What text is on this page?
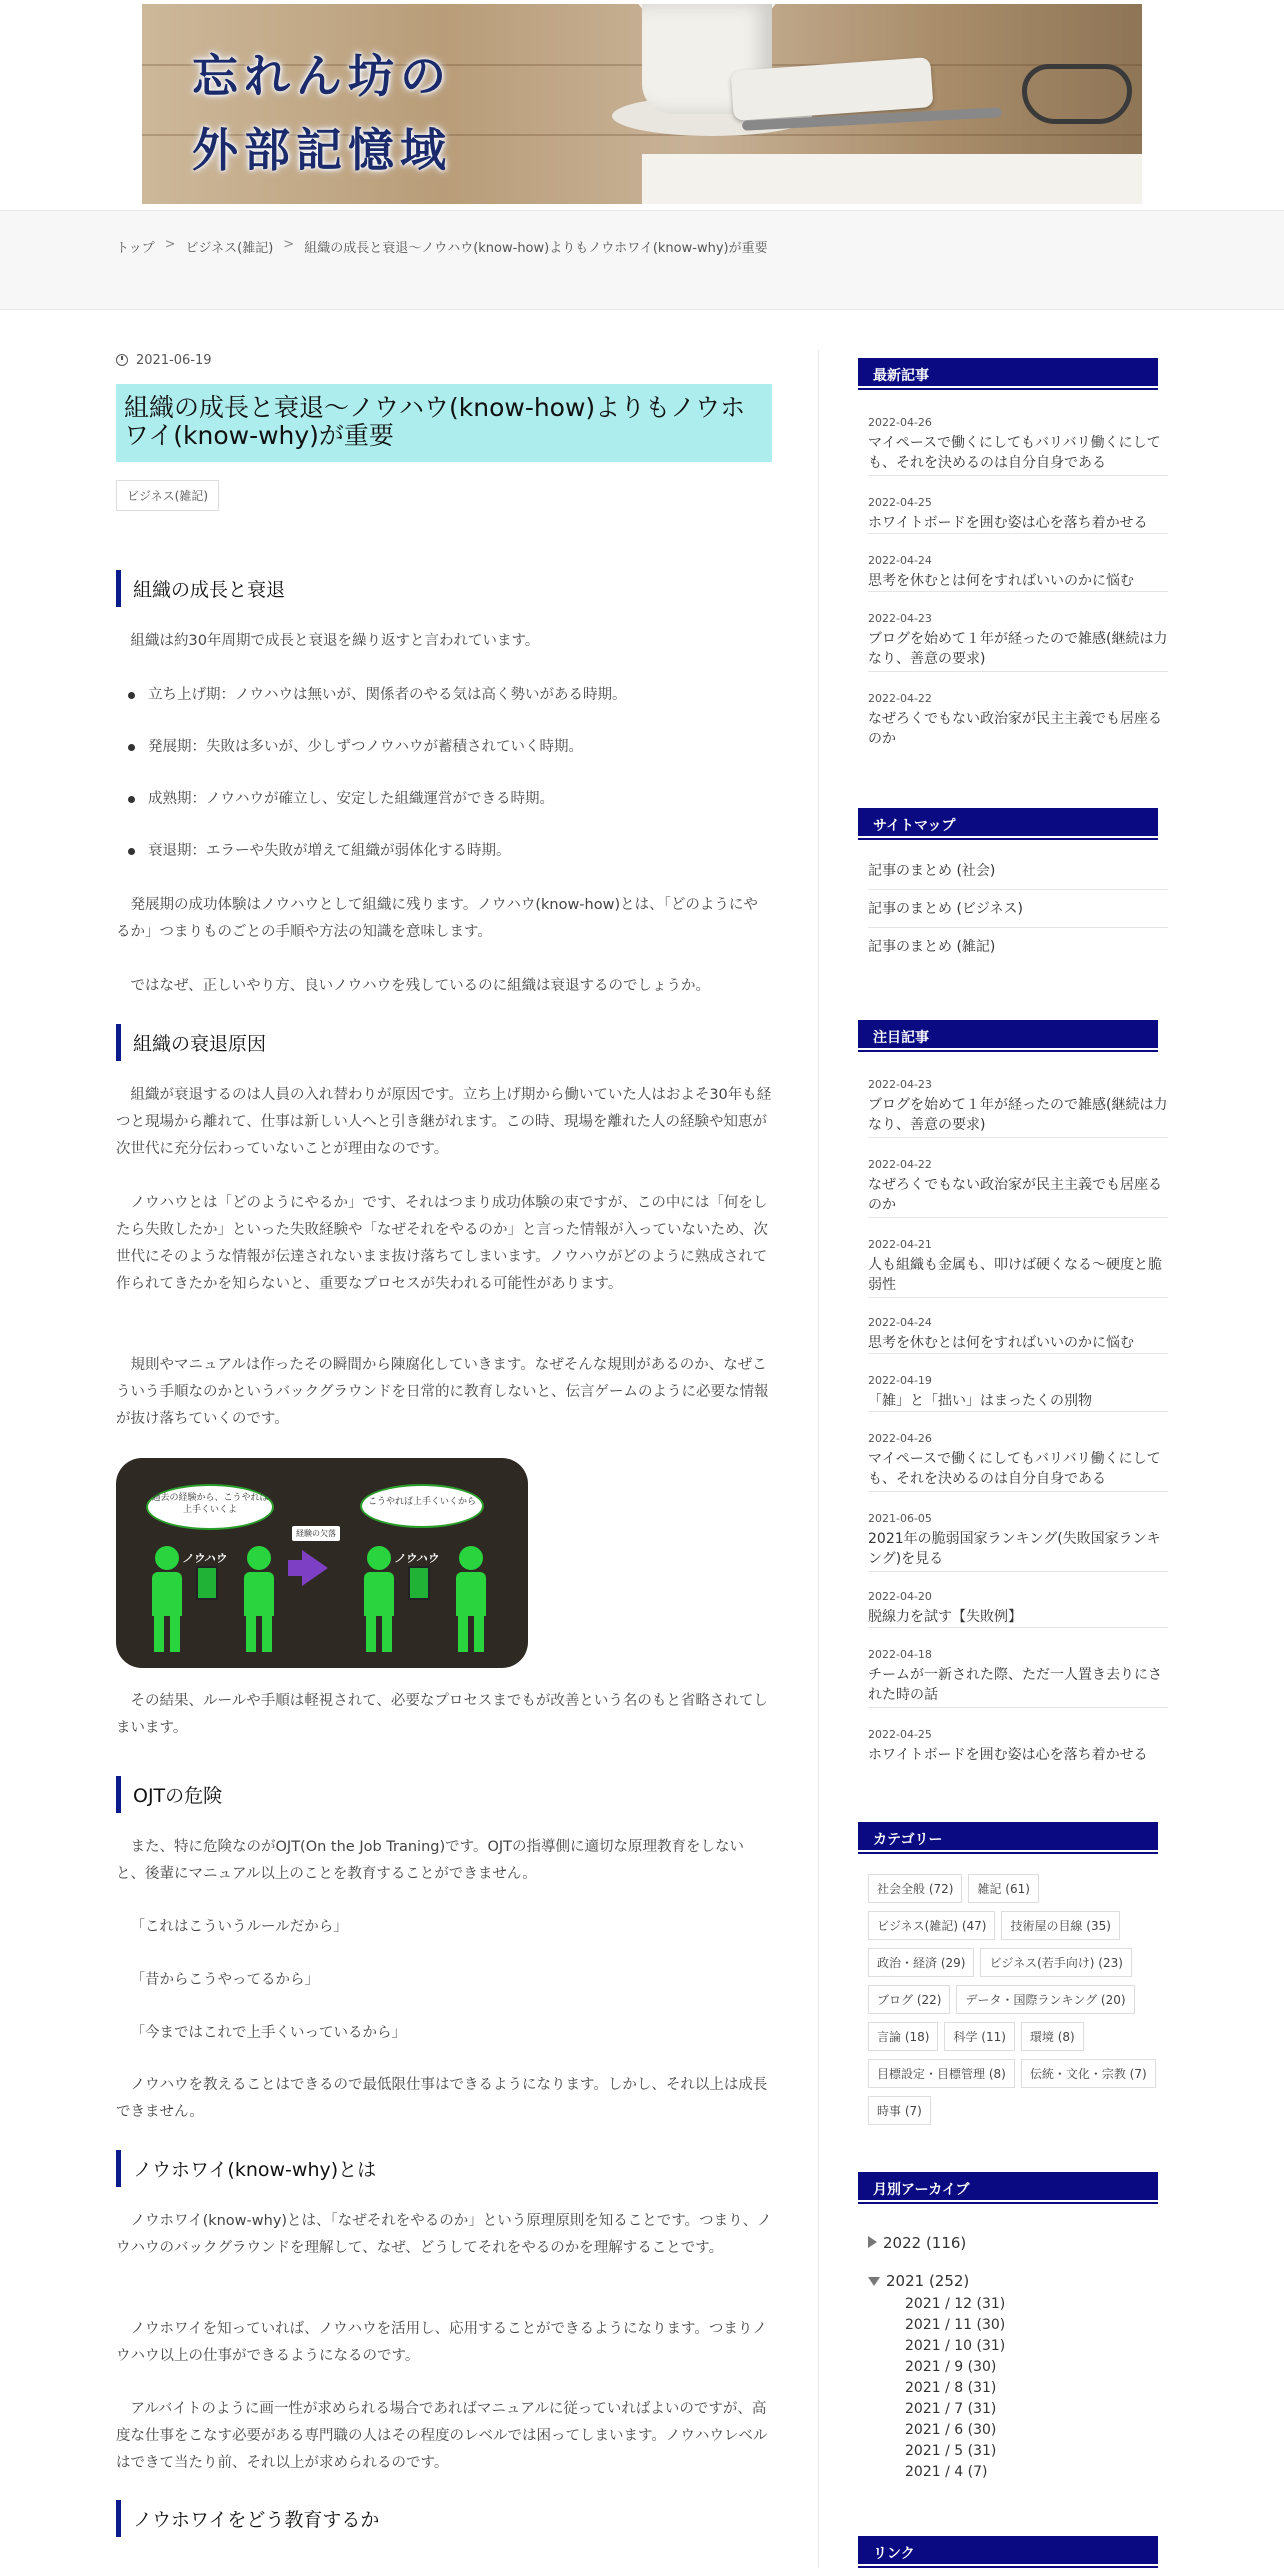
忘れん坊の
外部記憶域
トップ > ビジネス(雑記) > 組織の成長と衰退～ノウハウ(know-how)よりもノウホワイ(know-why)が重要
2021-06-19
組織の成長と衰退～ノウハウ(know-how)よりもノウホワイ(know-why)が重要
ビジネス(雑記)
組織の成長と衰退

組織は約30年周期で成長と衰退を繰り返すと言われています。

立ち上げ期：ノウハウは無いが、関係者のやる気は高く勢いがある時期。
発展期：失敗は多いが、少しずつノウハウが蓄積されていく時期。
成熟期：ノウハウが確立し、安定した組織運営ができる時期。
衰退期：エラーや失敗が増えて組織が弱体化する時期。

発展期の成功体験はノウハウとして組織に残ります。ノウハウ(know-how)とは、「どのようにやるか」つまりものごとの手順や方法の知識を意味します。

ではなぜ、正しいやり方、良いノウハウを残しているのに組織は衰退するのでしょうか。

組織の衰退原因

組織が衰退するのは人員の入れ替わりが原因です。立ち上げ期から働いていた人はおよそ30年も経つと現場から離れて、仕事は新しい人へと引き継がれます。この時、現場を離れた人の経験や知恵が次世代に充分伝わっていないことが理由なのです。

ノウハウとは「どのようにやるか」です、それはつまり成功体験の束ですが、この中には「何をしたら失敗したか」といった失敗経験や「なぜそれをやるのか」と言った情報が入っていないため、次世代にそのような情報が伝達されないまま抜け落ちてしまいます。ノウハウがどのように熟成されて作られてきたかを知らないと、重要なプロセスが失われる可能性があります。

規則やマニュアルは作ったその瞬間から陳腐化していきます。なぜそんな規則があるのか、なぜこういう手順なのかというバックグラウンドを日常的に教育しないと、伝言ゲームのように必要な情報が抜け落ちていくのです。

過去の経験から、こうやれば上手くいくよ
こうやれば上手くいくから
経験の欠落
ノウハウ	ノウハウ

その結果、ルールや手順は軽視されて、必要なプロセスまでもが改善という名のもと省略されてしまいます。

OJTの危険

また、特に危険なのがOJT(On the Job Traning)です。OJTの指導側に適切な原理教育をしないと、後輩にマニュアル以上のことを教育することができません。

「これはこういうルールだから」

「昔からこうやってるから」

「今まではこれで上手くいっているから」

ノウハウを教えることはできるので最低限仕事はできるようになります。しかし、それ以上は成長できません。

ノウホワイ(know-why)とは

ノウホワイ(know-why)とは、「なぜそれをやるのか」という原理原則を知ることです。つまり、ノウハウのバックグラウンドを理解して、なぜ、どうしてそれをやるのかを理解することです。

ノウホワイを知っていれば、ノウハウを活用し、応用することができるようになります。つまりノウハウ以上の仕事ができるようになるのです。

アルバイトのように画一性が求められる場合であればマニュアルに従っていればよいのですが、高度な仕事をこなす必要がある専門職の人はその程度のレベルでは困ってしまいます。ノウハウレベルはできて当たり前、それ以上が求められるのです。

ノウホワイをどう教育するか
最新記事
2022-04-26
マイペースで働くにしてもバリバリ働くにしても、それを決めるのは自分自身である
2022-04-25
ホワイトボードを囲む姿は心を落ち着かせる
2022-04-24
思考を休むとは何をすればいいのかに悩む
2022-04-23
ブログを始めて１年が経ったので雑感(継続は力なり、善意の要求)
2022-04-22
なぜろくでもない政治家が民主主義でも居座るのか
サイトマップ
記事のまとめ (社会)
記事のまとめ (ビジネス)
記事のまとめ (雑記)
注目記事
2022-04-23
ブログを始めて１年が経ったので雑感(継続は力なり、善意の要求)
2022-04-22
なぜろくでもない政治家が民主主義でも居座るのか
2022-04-21
人も組織も金属も、叩けば硬くなる～硬度と脆弱性
2022-04-24
思考を休むとは何をすればいいのかに悩む
2022-04-19
「雑」と「拙い」はまったくの別物
2022-04-26
マイペースで働くにしてもバリバリ働くにしても、それを決めるのは自分自身である
2021-06-05
2021年の脆弱国家ランキング(失敗国家ランキング)を見る
2022-04-20
脱線力を試す【失敗例】
2022-04-18
チームが一新された際、ただ一人置き去りにされた時の話
2022-04-25
ホワイトボードを囲む姿は心を落ち着かせる
カテゴリー
社会全般 (72)	雑記 (61)
ビジネス(雑記) (47)	技術屋の目線 (35)
政治・経済 (29)	ビジネス(若手向け) (23)
ブログ (22)	データ・国際ランキング (20)
言論 (18)	科学 (11)	環境 (8)
目標設定・目標管理 (8)	伝統・文化・宗教 (7)
時事 (7)
月別アーカイブ
2022 (116)
2021 (252)
2021 / 12 (31)
2021 / 11 (30)
2021 / 10 (31)
2021 / 9 (30)
2021 / 8 (31)
2021 / 7 (31)
2021 / 6 (30)
2021 / 5 (31)
2021 / 4 (7)
リンク
